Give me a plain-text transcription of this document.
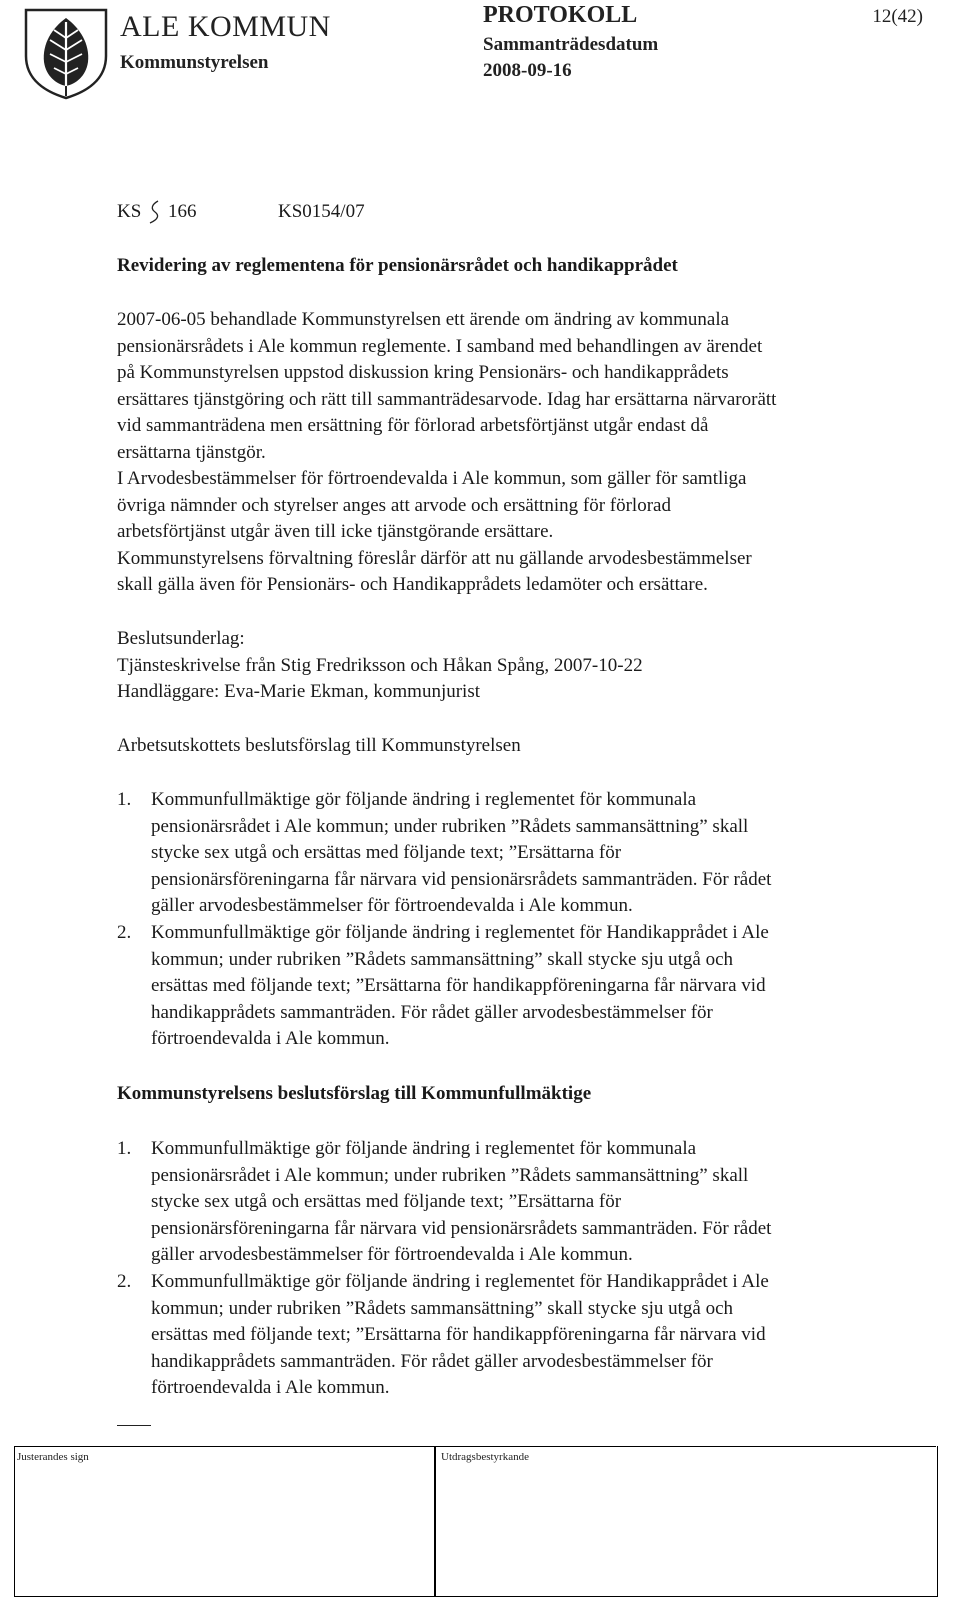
ALE KOMMUN
Kommunstyrelsen
PROTOKOLL
Sammanträdesdatum
2008-09-16
12(42)
KS 166	KS0154/07
Revidering av reglementena för pensionärsrådet och handikapprådet
2007-06-05 behandlade Kommunstyrelsen ett ärende om ändring av kommunala
pensionärsrådets i Ale kommun reglemente. I samband med behandlingen av ärendet
på Kommunstyrelsen uppstod diskussion kring Pensionärs- och handikapprådets
ersättares tjänstgöring och rätt till sammanträdesarvode. Idag har ersättarna närvarorätt
vid sammanträdena men ersättning för förlorad arbetsförtjänst utgår endast då
ersättarna tjänstgör.
I Arvodesbestämmelser för förtroendevalda i Ale kommun, som gäller för samtliga
övriga nämnder och styrelser anges att arvode och ersättning för förlorad
arbetsförtjänst utgår även till icke tjänstgörande ersättare.
Kommunstyrelsens förvaltning föreslår därför att nu gällande arvodesbestämmelser
skall gälla även för Pensionärs- och Handikapprådets ledamöter och ersättare.
Beslutsunderlag:
Tjänsteskrivelse från Stig Fredriksson och Håkan Spång, 2007-10-22
Handläggare: Eva-Marie Ekman, kommunjurist
Arbetsutskottets beslutsförslag till Kommunstyrelsen
1. Kommunfullmäktige gör följande ändring i reglementet för kommunala
pensionärsrådet i Ale kommun; under rubriken ”Rådets sammansättning” skall
stycke sex utgå och ersättas med följande text; ”Ersättarna för
pensionärsföreningarna får närvara vid pensionärsrådets sammanträden. För rådet
gäller arvodesbestämmelser för förtroendevalda i Ale kommun.
2. Kommunfullmäktige gör följande ändring i reglementet för Handikapprådet i Ale
kommun; under rubriken ”Rådets sammansättning” skall stycke sju utgå och
ersättas med följande text; ”Ersättarna för handikappföreningarna får närvara vid
handikapprådets sammanträden. För rådet gäller arvodesbestämmelser för
förtroendevalda i Ale kommun.
Kommunstyrelsens beslutsförslag till Kommunfullmäktige
1. Kommunfullmäktige gör följande ändring i reglementet för kommunala
pensionärsrådet i Ale kommun; under rubriken ”Rådets sammansättning” skall
stycke sex utgå och ersättas med följande text; ”Ersättarna för
pensionärsföreningarna får närvara vid pensionärsrådets sammanträden. För rådet
gäller arvodesbestämmelser för förtroendevalda i Ale kommun.
2. Kommunfullmäktige gör följande ändring i reglementet för Handikapprådet i Ale
kommun; under rubriken ”Rådets sammansättning” skall stycke sju utgå och
ersättas med följande text; ”Ersättarna för handikappföreningarna får närvara vid
handikapprådets sammanträden. För rådet gäller arvodesbestämmelser för
förtroendevalda i Ale kommun.
Justerandes sign	Utdragsbestyrkande
